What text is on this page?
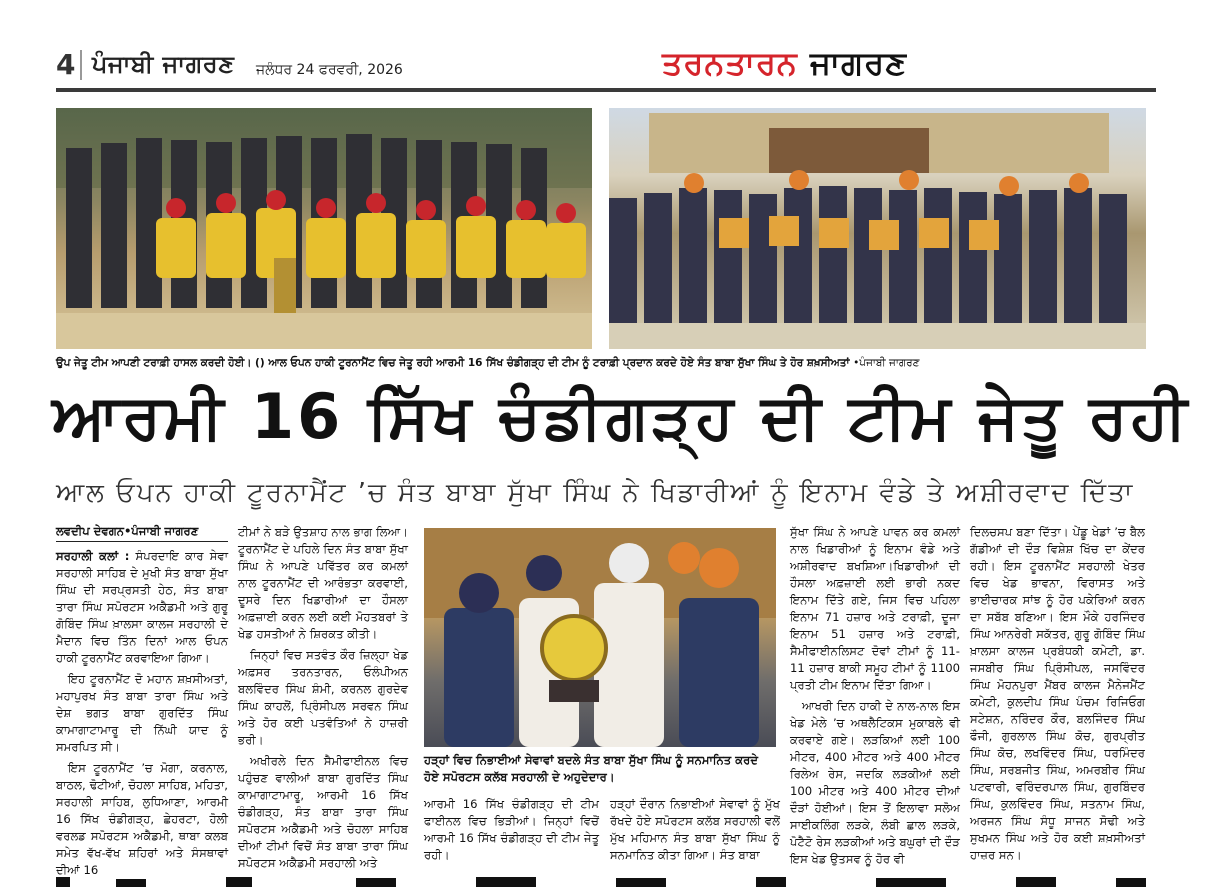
4 ਪੰਜਾਬੀ ਜਾਗਰਣ ਜਲੰਧਰ 24 ਫਰਵਰੀ, 2026	ਤਰਨਤਾਰਨ ਜਾਗਰਣ
ਉਪ ਜੇਤੂ ਟੀਮ ਆਪਣੀ ਟਰਾਫ਼ੀ ਹਾਸਲ ਕਰਦੀ ਹੋਈ। () ਆਲ ਓਪਨ ਹਾਕੀ ਟੂਰਨਾਮੈਂਟ ਵਿਚ ਜੇਤੂ ਰਹੀ ਆਰਮੀ 16 ਸਿੱਖ ਚੰਡੀਗੜ੍ਹ ਦੀ ਟੀਮ ਨੂੰ ਟਰਾਫ਼ੀ ਪ੍ਰਦਾਨ ਕਰਦੇ ਹੋਏ ਸੰਤ ਬਾਬਾ ਸੁੱਖਾ ਸਿੰਘ ਤੇ ਹੋਰ ਸ਼ਖ਼ਸੀਅਤਾਂ •ਪੰਜਾਬੀ ਜਾਗਰਣ
ਆਰਮੀ 16 ਸਿੱਖ ਚੰਡੀਗੜ੍ਹ ਦੀ ਟੀਮ ਜੇਤੂ ਰਹੀ
ਆਲ ਓਪਨ ਹਾਕੀ ਟੂਰਨਾਮੈਂਟ ’ਚ ਸੰਤ ਬਾਬਾ ਸੁੱਖਾ ਸਿੰਘ ਨੇ ਖਿਡਾਰੀਆਂ ਨੂੰ ਇਨਾਮ ਵੰਡੇ ਤੇ ਅਸ਼ੀਰਵਾਦ ਦਿੱਤਾ
ਲਵਦੀਪ ਦੇਵਗਨ•ਪੰਜਾਬੀ ਜਾਗਰਣ

ਸਰਹਾਲੀ ਕਲਾਂ : ਸੰਪਰਦਾਇ ਕਾਰ ਸੇਵਾ ਸਰਹਾਲੀ ਸਾਹਿਬ ਦੇ ਮੁਖੀ ਸੰਤ ਬਾਬਾ ਸੁੱਖਾ ਸਿੰਘ ਦੀ ਸਰਪ੍ਰਸਤੀ ਹੇਠ, ਸੰਤ ਬਾਬਾ ਤਾਰਾ ਸਿੰਘ ਸਪੋਰਟਸ ਅਕੈਡਮੀ ਅਤੇ ਗੁਰੂ ਗੋਬਿੰਦ ਸਿੰਘ ਖ਼ਾਲਸਾ ਕਾਲਜ ਸਰਹਾਲੀ ਦੇ ਮੈਦਾਨ ਵਿਚ ਤਿੰਨ ਦਿਨਾਂ ਆਲ ਓਪਨ ਹਾਕੀ ਟੂਰਨਾਮੈਂਟ ਕਰਵਾਇਆ ਗਿਆ।

ਇਹ ਟੂਰਨਾਮੈਂਟ ਦੋ ਮਹਾਨ ਸ਼ਖ਼ਸੀਅਤਾਂ, ਮਹਾਪੁਰਖ ਸੰਤ ਬਾਬਾ ਤਾਰਾ ਸਿੰਘ ਅਤੇ ਦੇਸ਼ ਭਗਤ ਬਾਬਾ ਗੁਰਦਿੱਤ ਸਿੰਘ ਕਾਮਾਗਾਟਾਮਾਰੂ ਦੀ ਨਿੱਘੀ ਯਾਦ ਨੂੰ ਸਮਰਪਿਤ ਸੀ।

ਇਸ ਟੂਰਨਾਮੈਂਟ ’ਚ ਮੋਗਾ, ਕਰਨਾਲ, ਬਾਠਲ, ਢੋਟੀਆਂ, ਚੋਹਲਾ ਸਾਹਿਬ, ਮਹਿਤਾ, ਸਰਹਾਲੀ ਸਾਹਿਬ, ਲੁਧਿਆਣਾ, ਆਰਮੀ 16 ਸਿੱਖ ਚੰਡੀਗੜ੍ਹ, ਛੇਹਰਟਾ, ਹੋਲੀ ਵਰਲਡ ਸਪੋਰਟਸ ਅਕੈਡਮੀ, ਥਾਬਾ ਕਲਬ ਸਮੇਤ ਵੱਖ-ਵੱਖ ਸ਼ਹਿਰਾਂ ਅਤੇ ਸੰਸਥਾਵਾਂ ਦੀਆਂ 16

ਟੀਮਾਂ ਨੇ ਬੜੇ ਉਤਸ਼ਾਹ ਨਾਲ ਭਾਗ ਲਿਆ। ਟੂਰਨਾਮੈਂਟ ਦੇ ਪਹਿਲੇ ਦਿਨ ਸੰਤ ਬਾਬਾ ਸੁੱਖਾ ਸਿੰਘ ਨੇ ਆਪਣੇ ਪਵਿੱਤਰ ਕਰ ਕਮਲਾਂ ਨਾਲ ਟੂਰਨਾਮੈਂਟ ਦੀ ਆਰੰਭਤਾ ਕਰਵਾਈ, ਦੂਸਰੇ ਦਿਨ ਖਿਡਾਰੀਆਂ ਦਾ ਹੌਸਲਾ ਅਫ਼ਜ਼ਾਈ ਕਰਨ ਲਈ ਕਈ ਮੋਹਤਬਰਾਂ ਤੇ ਖੇਡ ਹਸਤੀਆਂ ਨੇ ਸ਼ਿਰਕਤ ਕੀਤੀ।

ਜਿਨ੍ਹਾਂ ਵਿਚ ਸਤਵੰਤ ਕੌਰ ਜ਼ਿਲ੍ਹਾ ਖੇਡ ਅਫ਼ਸਰ ਤਰਨਤਾਰਨ, ਓਲੰਪੀਅਨ ਬਲਵਿੰਦਰ ਸਿੰਘ ਸ਼ੰਮੀ, ਕਰਨਲ ਗੁਰਦੇਵ ਸਿੰਘ ਕਾਹਲੋਂ, ਪ੍ਰਿੰਸੀਪਲ ਸਰਵਨ ਸਿੰਘ ਅਤੇ ਹੋਰ ਕਈ ਪਤਵੰਤਿਆਂ ਨੇ ਹਾਜ਼ਰੀ ਭਰੀ।

ਅਖੀਰਲੇ ਦਿਨ ਸੈਮੀਫਾਈਨਲ ਵਿਚ ਪਹੁੰਚਣ ਵਾਲੀਆਂ ਬਾਬਾ ਗੁਰਦਿੱਤ ਸਿੰਘ ਕਾਮਾਗਾਟਾਮਾਰੂ, ਆਰਮੀ 16 ਸਿੱਖ ਚੰਡੀਗੜ੍ਹ, ਸੰਤ ਬਾਬਾ ਤਾਰਾ ਸਿੰਘ ਸਪੋਰਟਸ ਅਕੈਡਮੀ ਅਤੇ ਚੋਹਲਾ ਸਾਹਿਬ ਦੀਆਂ ਟੀਮਾਂ ਵਿਚੋਂ ਸੰਤ ਬਾਬਾ ਤਾਰਾ ਸਿੰਘ ਸਪੋਰਟਸ ਅਕੈਡਮੀ ਸਰਹਾਲੀ ਅਤੇ

ਹੜ੍ਹਾਂ ਵਿਚ ਨਿਭਾਈਆਂ ਸੇਵਾਵਾਂ ਬਦਲੇ ਸੰਤ ਬਾਬਾ ਸੁੱਖਾ ਸਿੰਘ ਨੂੰ ਸਨਮਾਨਿਤ ਕਰਦੇ ਹੋਏ ਸਪੋਰਟਸ ਕਲੱਬ ਸਰਹਾਲੀ ਦੇ ਅਹੁਦੇਦਾਰ।

ਆਰਮੀ 16 ਸਿੱਖ ਚੰਡੀਗੜ੍ਹ ਦੀ ਟੀਮ ਫਾਈਨਲ ਵਿਚ ਭਿੜੀਆਂ। ਜਿਨ੍ਹਾਂ ਵਿਚੋਂ ਆਰਮੀ 16 ਸਿੱਖ ਚੰਡੀਗੜ੍ਹ ਦੀ ਟੀਮ ਜੇਤੂ ਰਹੀ।

ਹੜ੍ਹਾਂ ਦੌਰਾਨ ਨਿਭਾਈਆਂ ਸੇਵਾਵਾਂ ਨੂੰ ਮੁੱਖ ਰੱਖਦੇ ਹੋਏ ਸਪੋਰਟਸ ਕਲੱਬ ਸਰਹਾਲੀ ਵਲੋਂ ਮੁੱਖ ਮਹਿਮਾਨ ਸੰਤ ਬਾਬਾ ਸੁੱਖਾ ਸਿੰਘ ਨੂੰ ਸਨਮਾਨਿਤ ਕੀਤਾ ਗਿਆ। ਸੰਤ ਬਾਬਾ

ਸੁੱਖਾ ਸਿੰਘ ਨੇ ਆਪਣੇ ਪਾਵਨ ਕਰ ਕਮਲਾਂ ਨਾਲ ਖਿਡਾਰੀਆਂ ਨੂੰ ਇਨਾਮ ਵੰਡੇ ਅਤੇ ਅਸ਼ੀਰਵਾਦ ਬਖਸ਼ਿਆ।ਖਿਡਾਰੀਆਂ ਦੀ ਹੌਸਲਾ ਅਫ਼ਜ਼ਾਈ ਲਈ ਭਾਰੀ ਨਕਦ ਇਨਾਮ ਦਿੱਤੇ ਗਏ, ਜਿਸ ਵਿਚ ਪਹਿਲਾ ਇਨਾਮ 71 ਹਜ਼ਾਰ ਅਤੇ ਟਰਾਫ਼ੀ, ਦੂਜਾ ਇਨਾਮ 51 ਹਜ਼ਾਰ ਅਤੇ ਟਰਾਫ਼ੀ, ਸੈਮੀਫਾਈਨਲਿਸਟ ਦੋਵਾਂ ਟੀਮਾਂ ਨੂੰ 11-11 ਹਜ਼ਾਰ ਬਾਕੀ ਸਮੂਹ ਟੀਮਾਂ ਨੂੰ 1100 ਪ੍ਰਤੀ ਟੀਮ ਇਨਾਮ ਦਿੱਤਾ ਗਿਆ।

ਆਖਰੀ ਦਿਨ ਹਾਕੀ ਦੇ ਨਾਲ-ਨਾਲ ਇਸ ਖੇਡ ਮੇਲੇ ’ਚ ਅਥਲੈਟਿਕਸ ਮੁਕਾਬਲੇ ਵੀ ਕਰਵਾਏ ਗਏ। ਲੜਕਿਆਂ ਲਈ 100 ਮੀਟਰ, 400 ਮੀਟਰ ਅਤੇ 400 ਮੀਟਰ ਰਿਲੇਅ ਰੇਸ, ਜਦਕਿ ਲੜਕੀਆਂ ਲਈ 100 ਮੀਟਰ ਅਤੇ 400 ਮੀਟਰ ਦੀਆਂ ਦੌੜਾਂ ਹੋਈਆਂ। ਇਸ ਤੋਂ ਇਲਾਵਾ ਸਲੋਅ ਸਾਈਕਲਿੰਗ ਲੜਕੇ, ਲੰਬੀ ਛਾਲ ਲੜਕੇ, ਪੋਟੈਟੋ ਰੇਸ ਲੜਕੀਆਂ ਅਤੇ ਬਘੁਰਾਂ ਦੀ ਦੌੜ ਇਸ ਖੇਡ ਉਤਸਵ ਨੂੰ ਹੋਰ ਵੀ

ਦਿਲਚਸਪ ਬਣਾ ਦਿੱਤਾ। ਪੇਂਡੂ ਖੇਡਾਂ ’ਚ ਬੈਲ ਗੱਡੀਆਂ ਦੀ ਦੌੜ ਵਿਸ਼ੇਸ਼ ਖਿੱਚ ਦਾ ਕੇਂਦਰ ਰਹੀ। ਇਸ ਟੂਰਨਾਮੈਂਟ ਸਰਹਾਲੀ ਖੇਤਰ ਵਿਚ ਖੇਡ ਭਾਵਨਾ, ਵਿਰਾਸਤ ਅਤੇ ਭਾਈਚਾਰਕ ਸਾਂਝ ਨੂੰ ਹੋਰ ਪਕੇਰਿਆਂ ਕਰਨ ਦਾ ਸਬੱਬ ਬਣਿਆ। ਇਸ ਮੌਕੇ ਹਰਜਿੰਦਰ ਸਿੰਘ ਆਨਰੇਰੀ ਸਕੱਤਰ, ਗੁਰੂ ਗੋਬਿੰਦ ਸਿੰਘ ਖ਼ਾਲਸਾ ਕਾਲਜ ਪ੍ਰਬੰਧਕੀ ਕਮੇਟੀ, ਡਾ. ਜਸਬੀਰ ਸਿੰਘ ਪ੍ਰਿੰਸੀਪਲ, ਜਸਵਿੰਦਰ ਸਿੰਘ ਮੋਹਨਪੁਰਾ ਮੈਂਬਰ ਕਾਲਜ ਮੈਨੇਜਮੈਂਟ ਕਮੇਟੀ, ਕੁਲਦੀਪ ਸਿੰਘ ਪੰਚਮ ਰਿਜਿਓਗ ਸਟੇਸ਼ਨ, ਨਰਿੰਦਰ ਕੌਰ, ਬਲਜਿੰਦਰ ਸਿੰਘ ਫੌਜੀ, ਗੁਰਲਾਲ ਸਿੰਘ ਕੋਚ, ਗੁਰਪ੍ਰੀਤ ਸਿੰਘ ਕੋਚ, ਲਖਵਿੰਦਰ ਸਿੰਘ, ਧਰਮਿੰਦਰ ਸਿੰਘ, ਸਰਬਜੀਤ ਸਿੰਘ, ਅਮਰਬੀਰ ਸਿੰਘ ਪਟਵਾਰੀ, ਵਰਿੰਦਰਪਾਲ ਸਿੰਘ, ਗੁਰਬਿੰਦਰ ਸਿੰਘ, ਕੁਲਵਿੰਦਰ ਸਿੰਘ, ਸਤਨਾਮ ਸਿੰਘ, ਅਰਜਨ ਸਿੰਘ ਸੰਧੂ ਸਾਜਨ ਸੋਢੀ ਅਤੇ ਸੁਖਮਨ ਸਿੰਘ ਅਤੇ ਹੋਰ ਕਈ ਸ਼ਖ਼ਸੀਅਤਾਂ ਹਾਜ਼ਰ ਸਨ।
